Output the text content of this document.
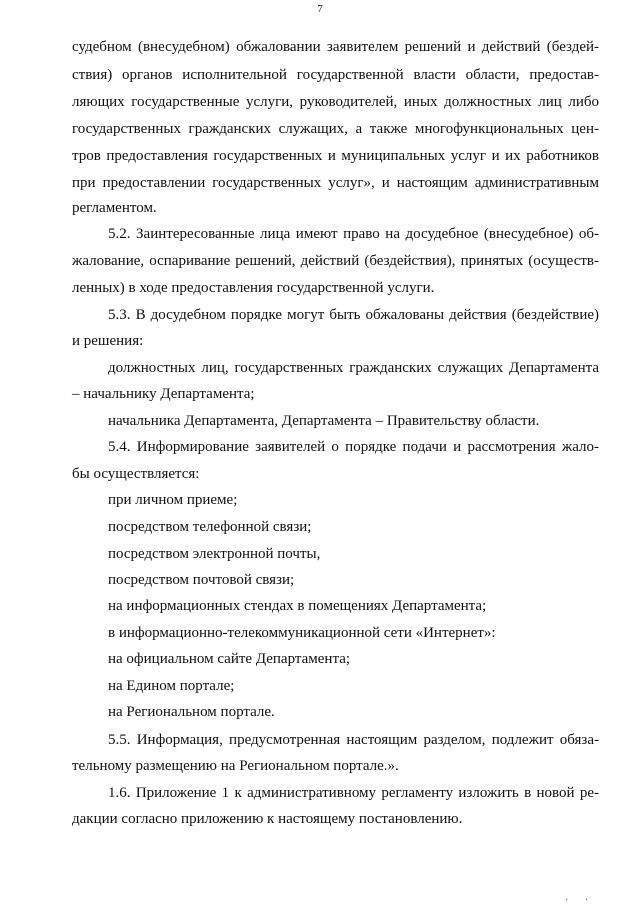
7
судебном (внесудебном) обжаловании заявителем решений и действий (бездей-
ствия) органов исполнительной государственной власти области, предостав-
ляющих государственные услуги, руководителей, иных должностных лиц либо
государственных гражданских служащих, а также многофункциональных цен-
тров предоставления государственных и муниципальных услуг и их работников
при предоставлении государственных услуг», и настоящим административным
регламентом.
5.2. Заинтересованные лица имеют право на досудебное (внесудебное) об-
жалование, оспаривание решений, действий (бездействия), принятых (осуществ-
ленных) в ходе предоставления государственной услуги.
5.3. В досудебном порядке могут быть обжалованы действия (бездействие)
и решения:
должностных лиц, государственных гражданских служащих Департамента
– начальнику Департамента;
начальника Департамента, Департамента – Правительству области.
5.4. Информирование заявителей о порядке подачи и рассмотрения жало-
бы осуществляется:
при личном приеме;
посредством телефонной связи;
посредством электронной почты,
посредством почтовой связи;
на информационных стендах в помещениях Департамента;
в информационно-телекоммуникационной сети «Интернет»:
на официальном сайте Департамента;
на Едином портале;
на Региональном портале.
5.5. Информация, предусмотренная настоящим разделом, подлежит обяза-
тельному размещению на Региональном портале.».
1.6. Приложение 1 к административному регламенту изложить в новой ре-
дакции согласно приложению к настоящему постановлению.
' '
